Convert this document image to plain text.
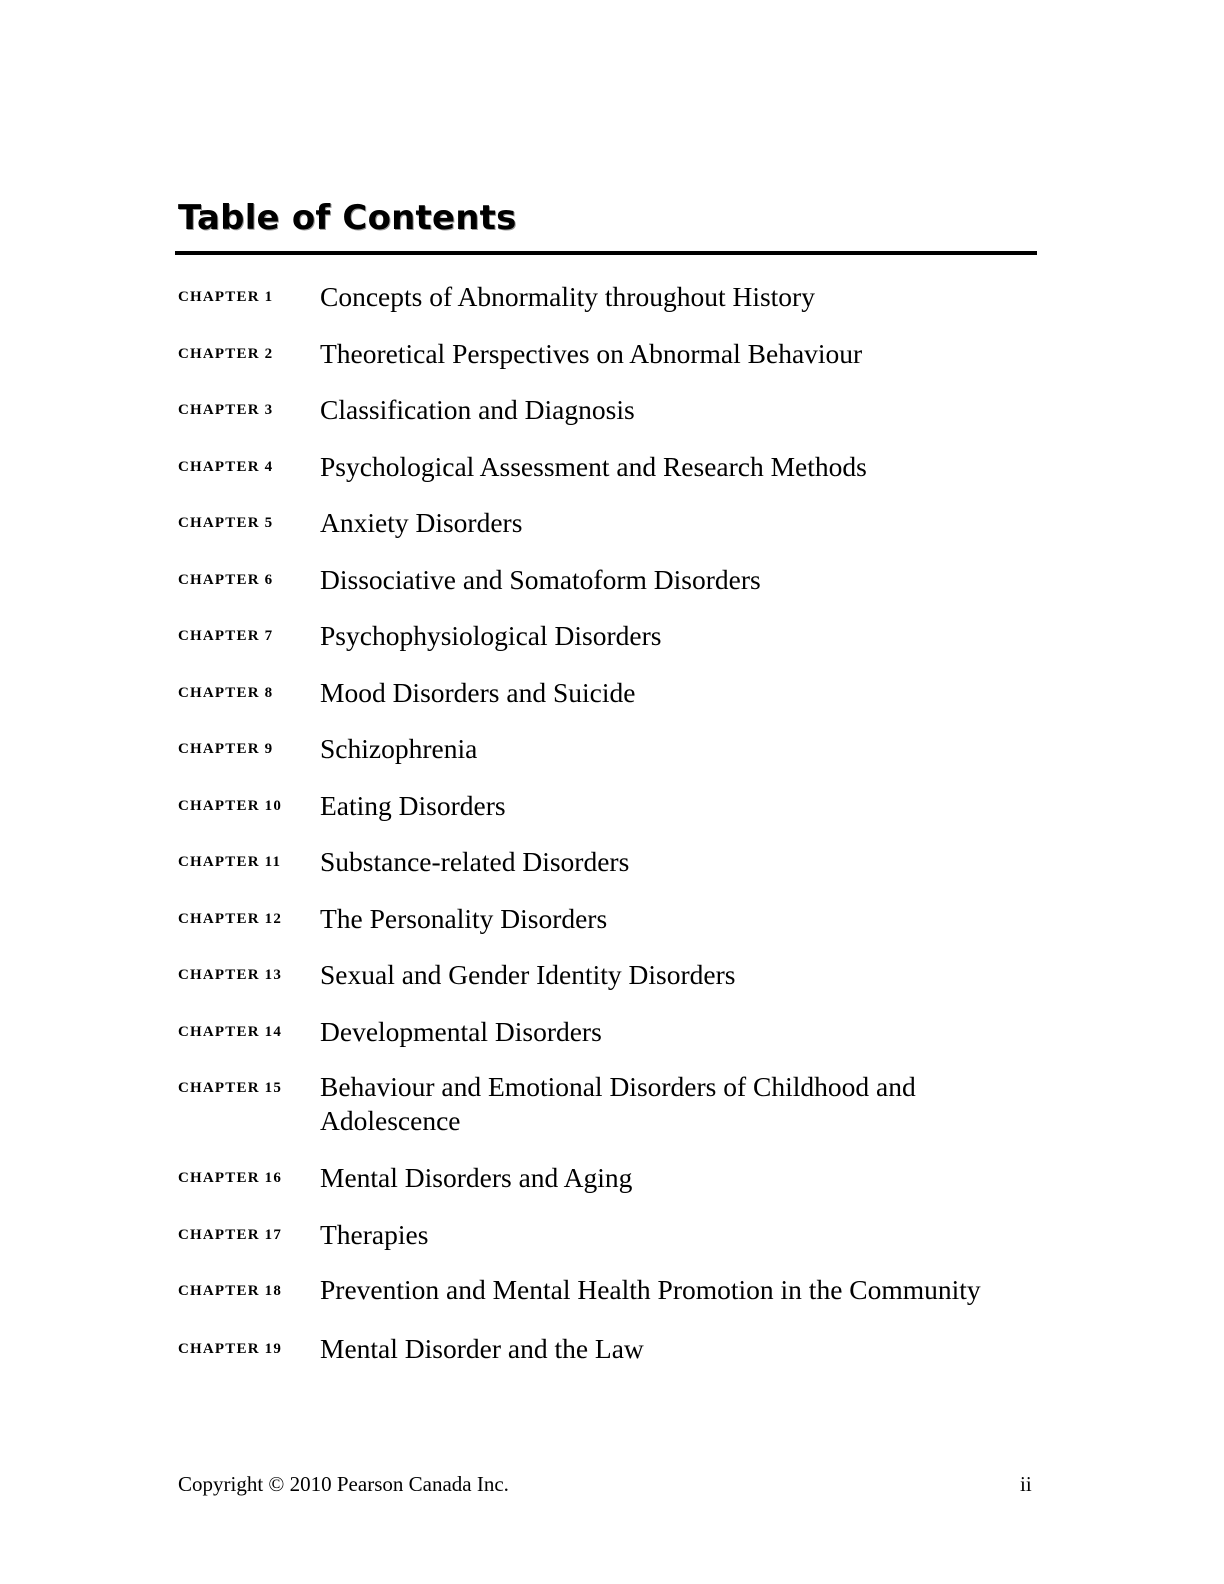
Table of Contents
CHAPTER 1	Concepts of Abnormality throughout History
CHAPTER 2	Theoretical Perspectives on Abnormal Behaviour
CHAPTER 3	Classification and Diagnosis
CHAPTER 4	Psychological Assessment and Research Methods
CHAPTER 5	Anxiety Disorders
CHAPTER 6	Dissociative and Somatoform Disorders
CHAPTER 7	Psychophysiological Disorders
CHAPTER 8	Mood Disorders and Suicide
CHAPTER 9	Schizophrenia
CHAPTER 10	Eating Disorders
CHAPTER 11	Substance-related Disorders
CHAPTER 12	The Personality Disorders
CHAPTER 13	Sexual and Gender Identity Disorders
CHAPTER 14	Developmental Disorders
CHAPTER 15	Behaviour and Emotional Disorders of Childhood and Adolescence
CHAPTER 16	Mental Disorders and Aging
CHAPTER 17	Therapies
CHAPTER 18	Prevention and Mental Health Promotion in the Community
CHAPTER 19	Mental Disorder and the Law
Copyright © 2010 Pearson Canada Inc.	ii
